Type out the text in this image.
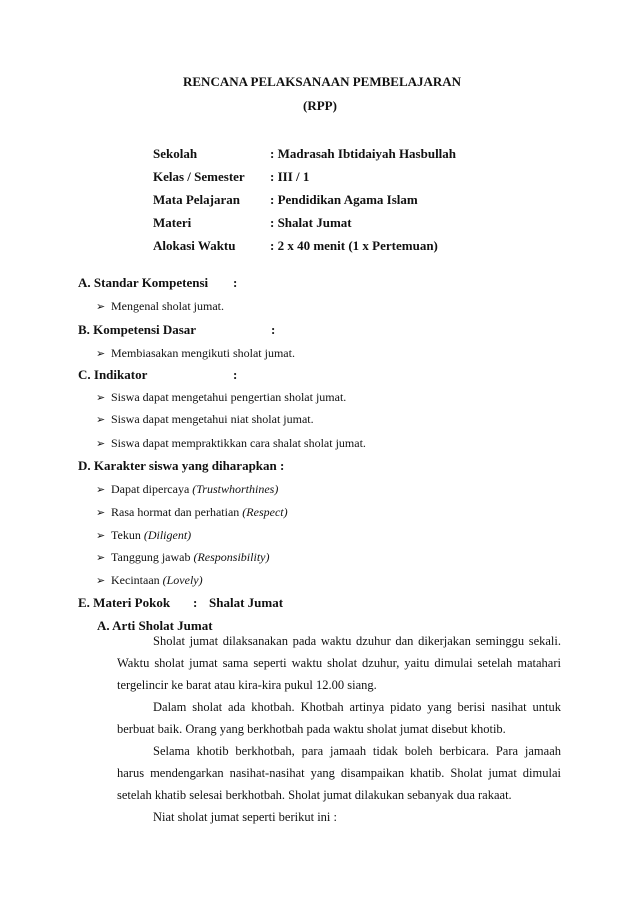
RENCANA PELAKSANAAN PEMBELAJARAN
(RPP)
Sekolah	: Madrasah Ibtidaiyah Hasbullah
Kelas / Semester : III / 1
Mata Pelajaran : Pendidikan Agama Islam
Materi	: Shalat Jumat
Alokasi Waktu	: 2 x 40 menit (1 x Pertemuan)
A. Standar Kompetensi :
➢ Mengenal sholat jumat.
B. Kompetensi Dasar	:
➢ Membiasakan mengikuti sholat jumat.
C. Indikator	:
➢ Siswa dapat mengetahui pengertian sholat jumat.
➢ Siswa dapat mengetahui niat sholat jumat.
➢ Siswa dapat mempraktikkan cara shalat sholat jumat.
D. Karakter siswa yang diharapkan :
➢ Dapat dipercaya (Trustwhorthines)
➢ Rasa hormat dan perhatian (Respect)
➢ Tekun (Diligent)
➢ Tanggung jawab (Responsibility)
➢ Kecintaan (Lovely)
E. Materi Pokok : Shalat Jumat
A. Arti Sholat Jumat
Sholat jumat dilaksanakan pada waktu dzuhur dan dikerjakan seminggu sekali.
Waktu sholat jumat sama seperti waktu sholat dzuhur, yaitu dimulai setelah matahari
tergelincir ke barat atau kira-kira pukul 12.00 siang.
Dalam sholat ada khotbah. Khotbah artinya pidato yang berisi nasihat untuk
berbuat baik. Orang yang berkhotbah pada waktu sholat jumat disebut khotib.
Selama khotib berkhotbah, para jamaah tidak boleh berbicara. Para jamaah
harus mendengarkan nasihat-nasihat yang disampaikan khatib. Sholat jumat dimulai
setelah khatib selesai berkhotbah. Sholat jumat dilakukan sebanyak dua rakaat.
Niat sholat jumat seperti berikut ini :
